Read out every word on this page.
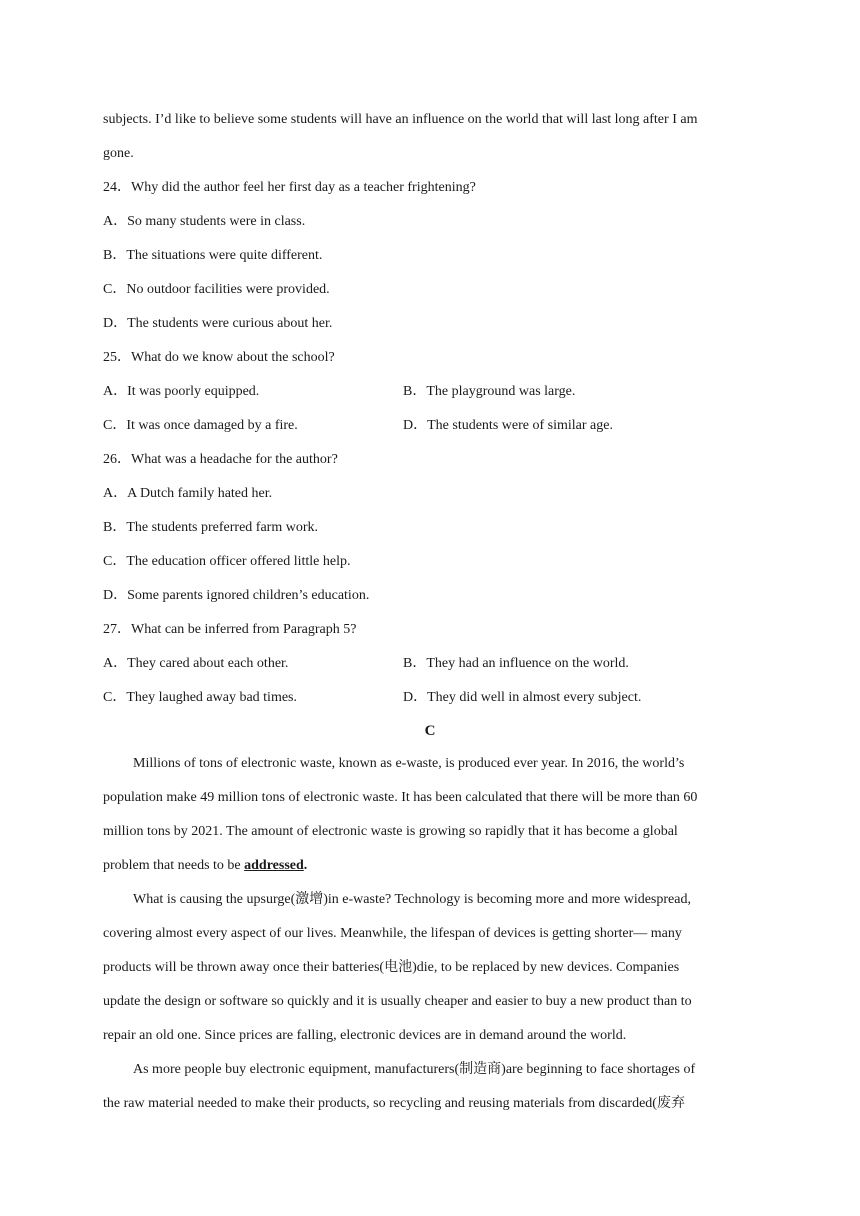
subjects. I’d like to believe some students will have an influence on the world that will last long after I am
gone.
24．Why did the author feel her first day as a teacher frightening?
A．So many students were in class.
B．The situations were quite different.
C．No outdoor facilities were provided.
D．The students were curious about her.
25．What do we know about the school?
A．It was poorly equipped.	B．The playground was large.
C．It was once damaged by a fire.	D．The students were of similar age.
26．What was a headache for the author?
A．A Dutch family hated her.
B．The students preferred farm work.
C．The education officer offered little help.
D．Some parents ignored children’s education.
27．What can be inferred from Paragraph 5?
A．They cared about each other.	B．They had an influence on the world.
C．They laughed away bad times.	D．They did well in almost every subject.
C
Millions of tons of electronic waste, known as e-waste, is produced ever year. In 2016, the world’s
population make 49 million tons of electronic waste. It has been calculated that there will be more than 60
million tons by 2021. The amount of electronic waste is growing so rapidly that it has become a global
problem that needs to be addressed.
What is causing the upsurge(激增)in e-waste? Technology is becoming more and more widespread,
covering almost every aspect of our lives. Meanwhile, the lifespan of devices is getting shorter— many
products will be thrown away once their batteries(电池)die, to be replaced by new devices. Companies
update the design or software so quickly and it is usually cheaper and easier to buy a new product than to
repair an old one. Since prices are falling, electronic devices are in demand around the world.
As more people buy electronic equipment, manufacturers(制造商)are beginning to face shortages of
the raw material needed to make their products, so recycling and reusing materials from discarded(废弃
